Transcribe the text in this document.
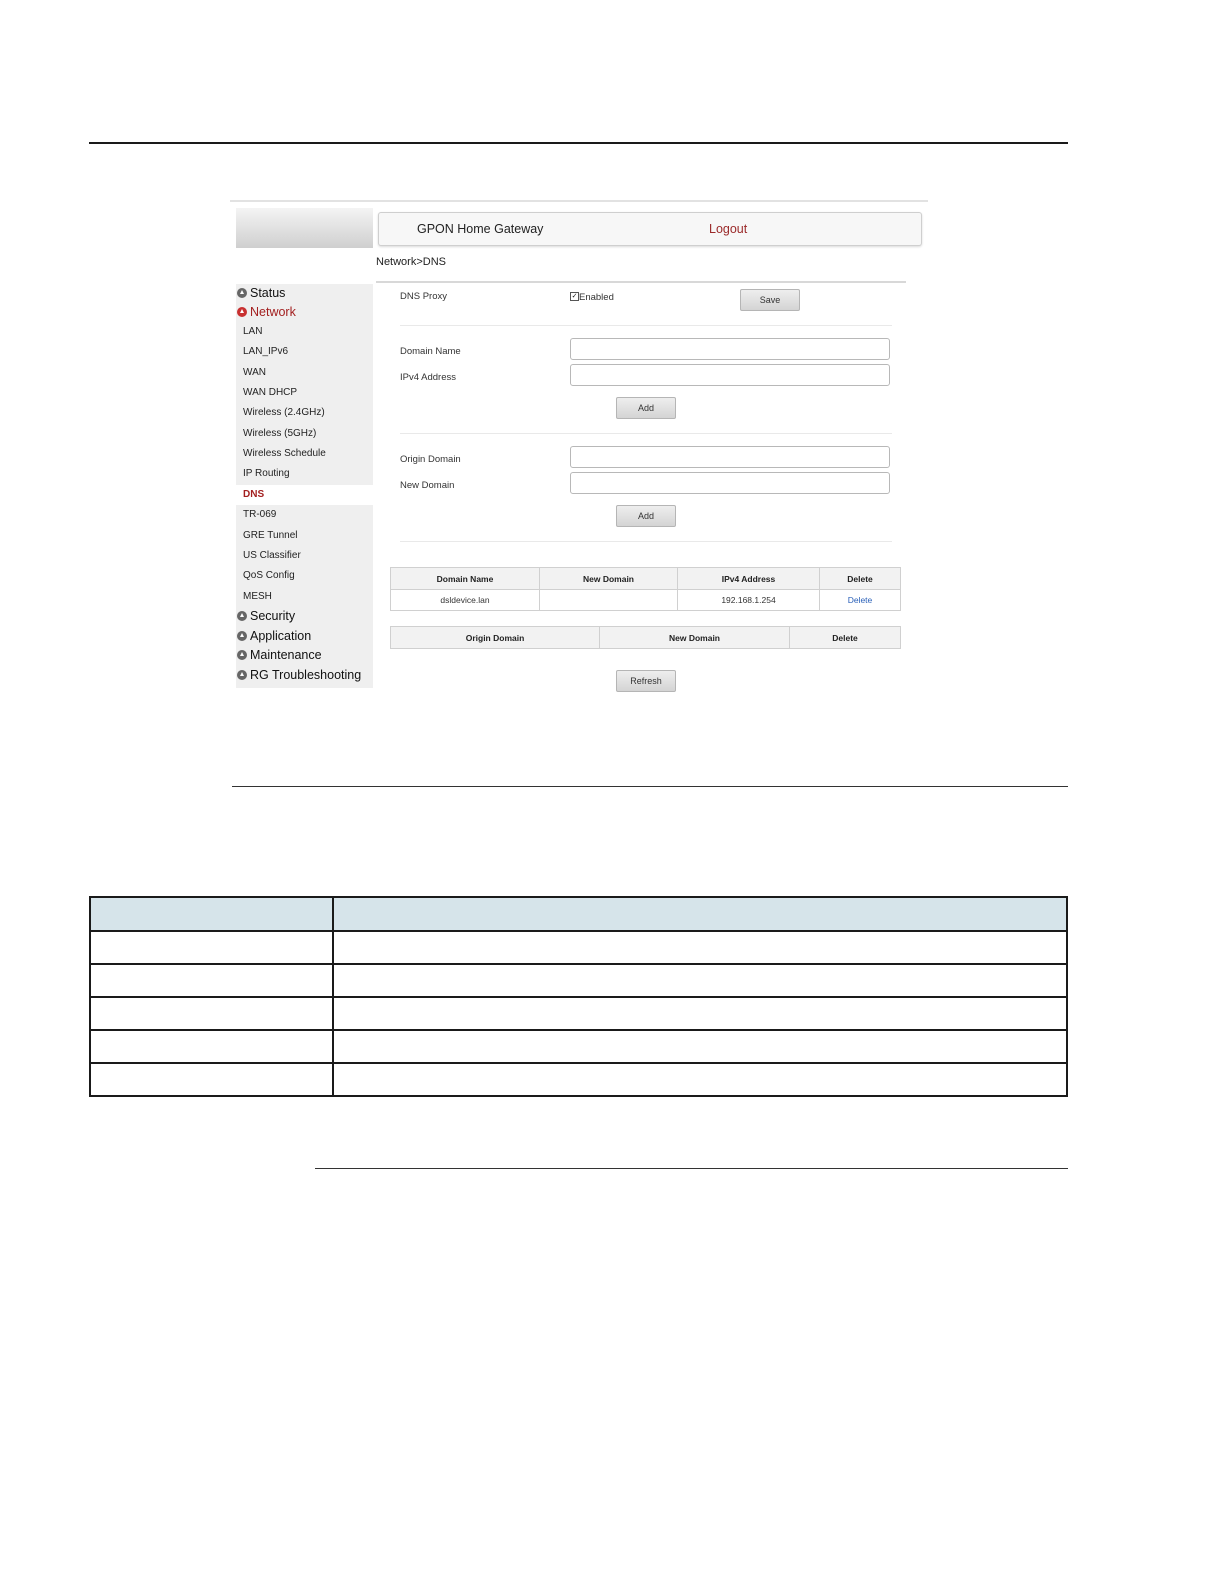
GPON Home Gateway	Logout
Status
Network
LAN
LAN_IPv6
WAN
WAN DHCP
Wireless (2.4GHz)
Wireless (5GHz)
Wireless Schedule
IP Routing
DNS
TR-069
GRE Tunnel
US Classifier
QoS Config
MESH
Security
Application
Maintenance
RG Troubleshooting
Network>DNS
DNS Proxy	✓ Enabled	Save
Domain Name
IPv4 Address
Add
Origin Domain
New Domain
Add
Domain Name	New Domain	IPv4 Address	Delete
dsldevice.lan		192.168.1.254	Delete
Origin Domain	New Domain	Delete
Refresh
